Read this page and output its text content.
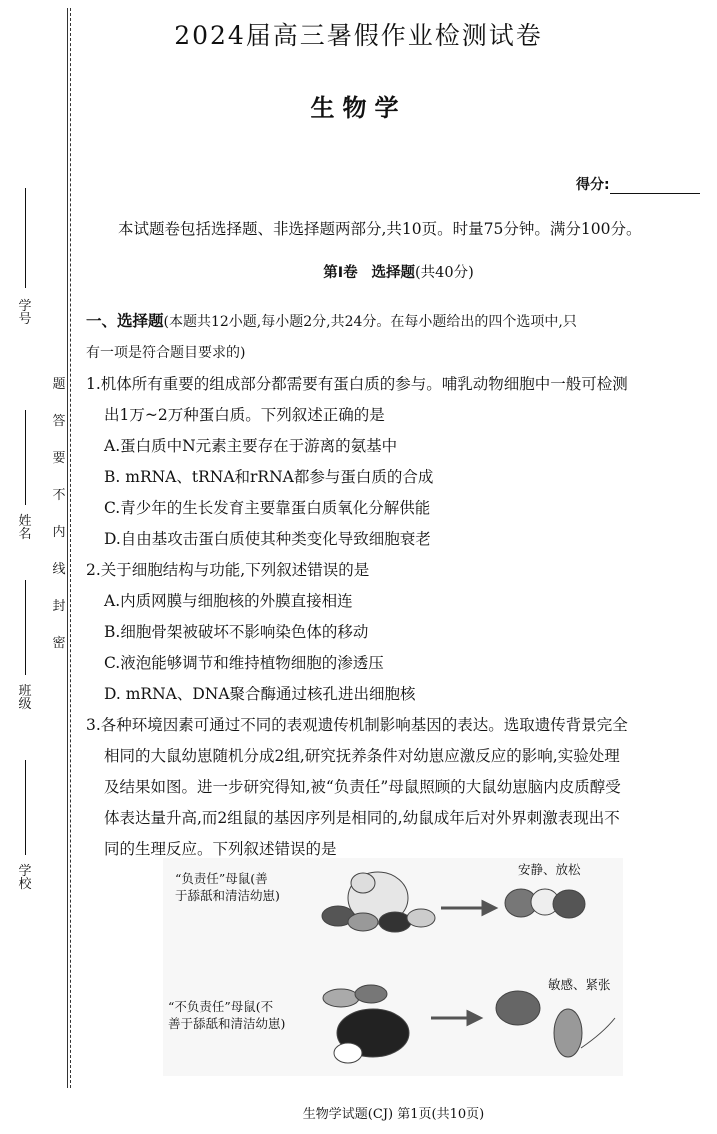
学号
姓名
班级
学校
题
答
要
不
内
线
封
密
2024届高三暑假作业检测试卷
生物学
得分:
本试题卷包括选择题、非选择题两部分,共10页。时量75分钟。满分100分。
第Ⅰ卷 选择题(共40分)
一、选择题(本题共12小题,每小题2分,共24分。在每小题给出的四个选项中,只
有一项是符合题目要求的)
1.机体所有重要的组成部分都需要有蛋白质的参与。哺乳动物细胞中一般可检测
出1万~2万种蛋白质。下列叙述正确的是
A.蛋白质中N元素主要存在于游离的氨基中
B. mRNA、tRNA和rRNA都参与蛋白质的合成
C.青少年的生长发育主要靠蛋白质氧化分解供能
D.自由基攻击蛋白质使其种类变化导致细胞衰老
2.关于细胞结构与功能,下列叙述错误的是
A.内质网膜与细胞核的外膜直接相连
B.细胞骨架被破坏不影响染色体的移动
C.液泡能够调节和维持植物细胞的渗透压
D. mRNA、DNA聚合酶通过核孔进出细胞核
3.各种环境因素可通过不同的表观遗传机制影响基因的表达。选取遗传背景完全
相同的大鼠幼崽随机分成2组,研究抚养条件对幼崽应激反应的影响,实验处理
及结果如图。进一步研究得知,被“负责任”母鼠照顾的大鼠幼崽脑内皮质醇受
体表达量升高,而2组鼠的基因序列是相同的,幼鼠成年后对外界刺激表现出不
同的生理反应。下列叙述错误的是
“负责任”母鼠(善
于舔舐和清洁幼崽)
安静、放松
“不负责任”母鼠(不
善于舔舐和清洁幼崽)
敏感、紧张
生物学试题(CJ) 第1页(共10页)
